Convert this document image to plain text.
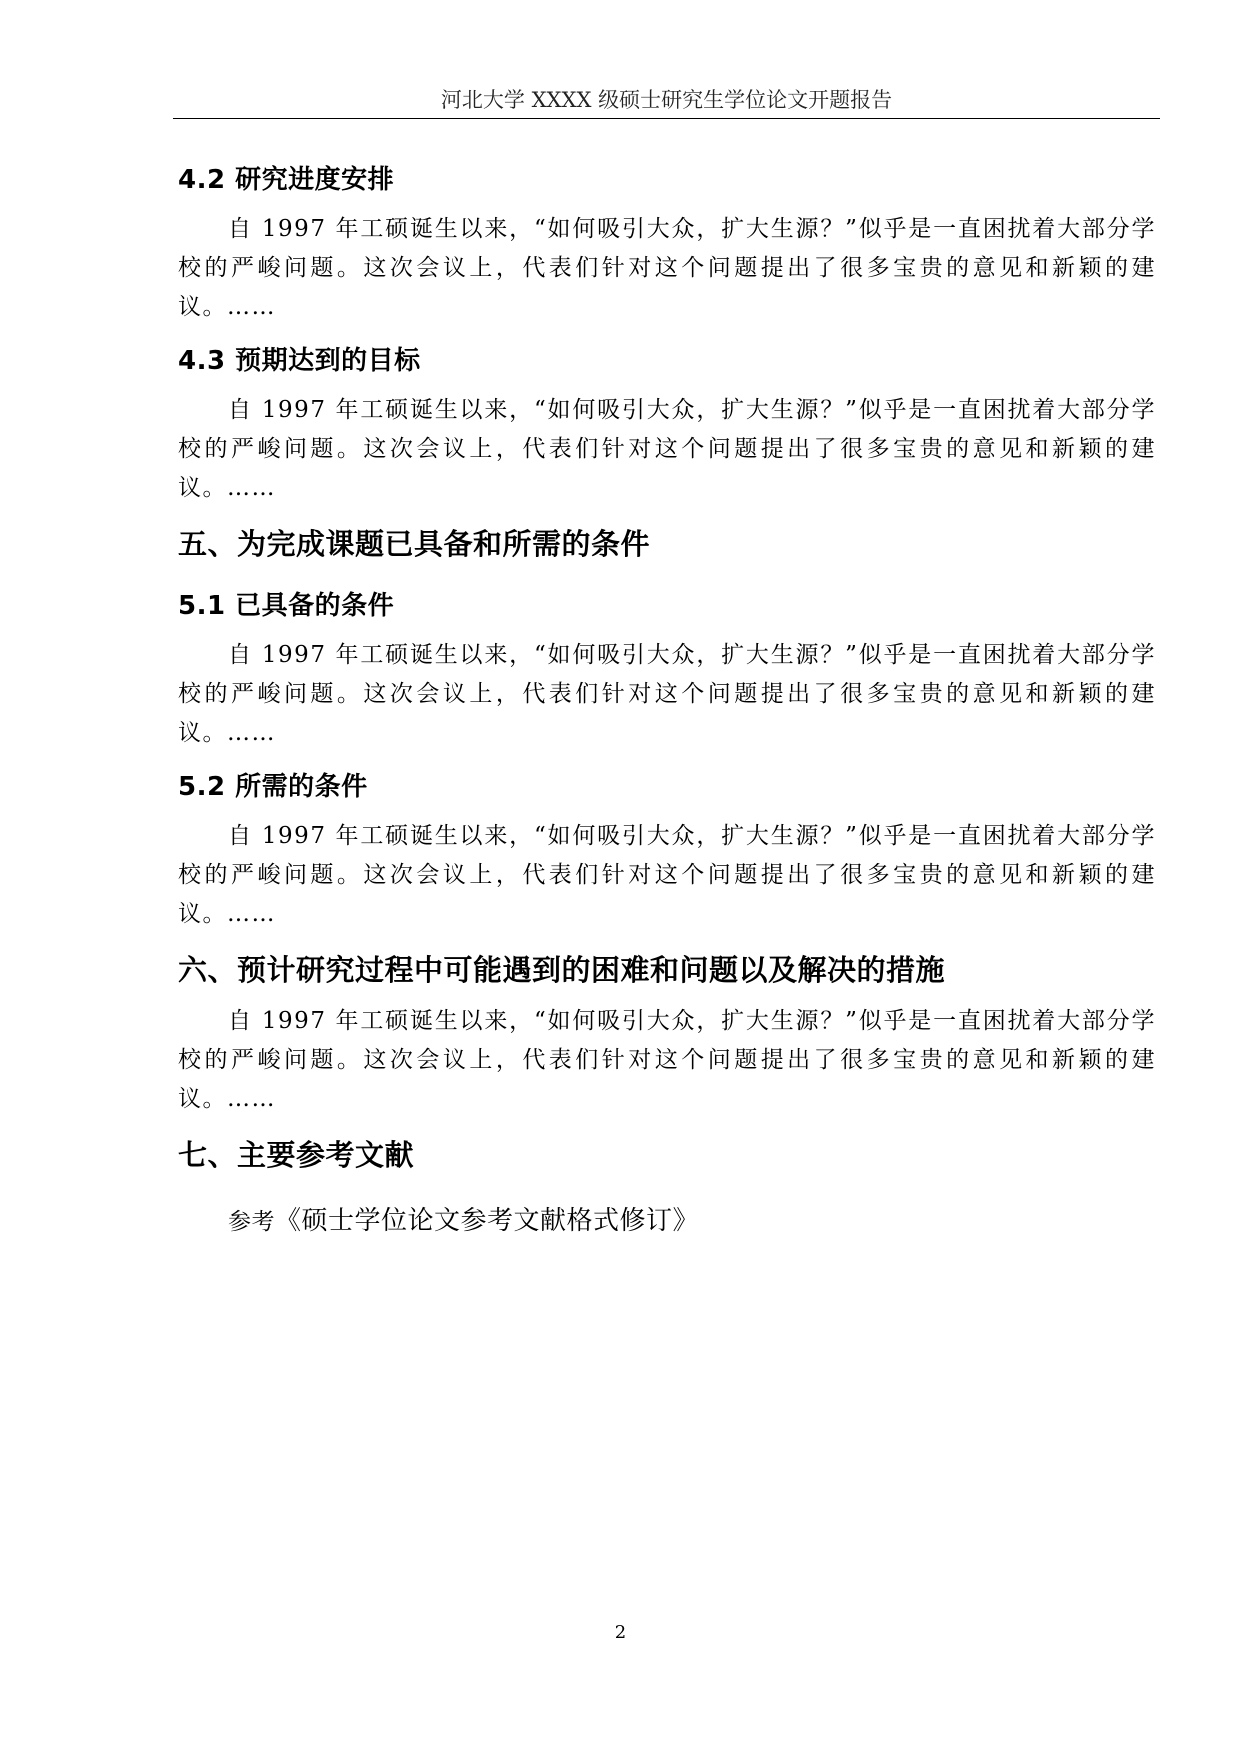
河北大学 XXXX 级硕士研究生学位论文开题报告
4.2 研究进度安排

自 1997 年工硕诞生以来，“如何吸引大众，扩大生源？”似乎是一直困扰着大部分学校的严峻问题。这次会议上，代表们针对这个问题提出了很多宝贵的意见和新颖的建议。……

4.3 预期达到的目标

自 1997 年工硕诞生以来，“如何吸引大众，扩大生源？”似乎是一直困扰着大部分学校的严峻问题。这次会议上，代表们针对这个问题提出了很多宝贵的意见和新颖的建议。……

五、为完成课题已具备和所需的条件
5.1 已具备的条件

自 1997 年工硕诞生以来，“如何吸引大众，扩大生源？”似乎是一直困扰着大部分学校的严峻问题。这次会议上，代表们针对这个问题提出了很多宝贵的意见和新颖的建议。……

5.2 所需的条件

自 1997 年工硕诞生以来，“如何吸引大众，扩大生源？”似乎是一直困扰着大部分学校的严峻问题。这次会议上，代表们针对这个问题提出了很多宝贵的意见和新颖的建议。……

六、预计研究过程中可能遇到的困难和问题以及解决的措施

自 1997 年工硕诞生以来，“如何吸引大众，扩大生源？”似乎是一直困扰着大部分学校的严峻问题。这次会议上，代表们针对这个问题提出了很多宝贵的意见和新颖的建议。……

七、主要参考文献

参考《硕士学位论文参考文献格式修订》

2
